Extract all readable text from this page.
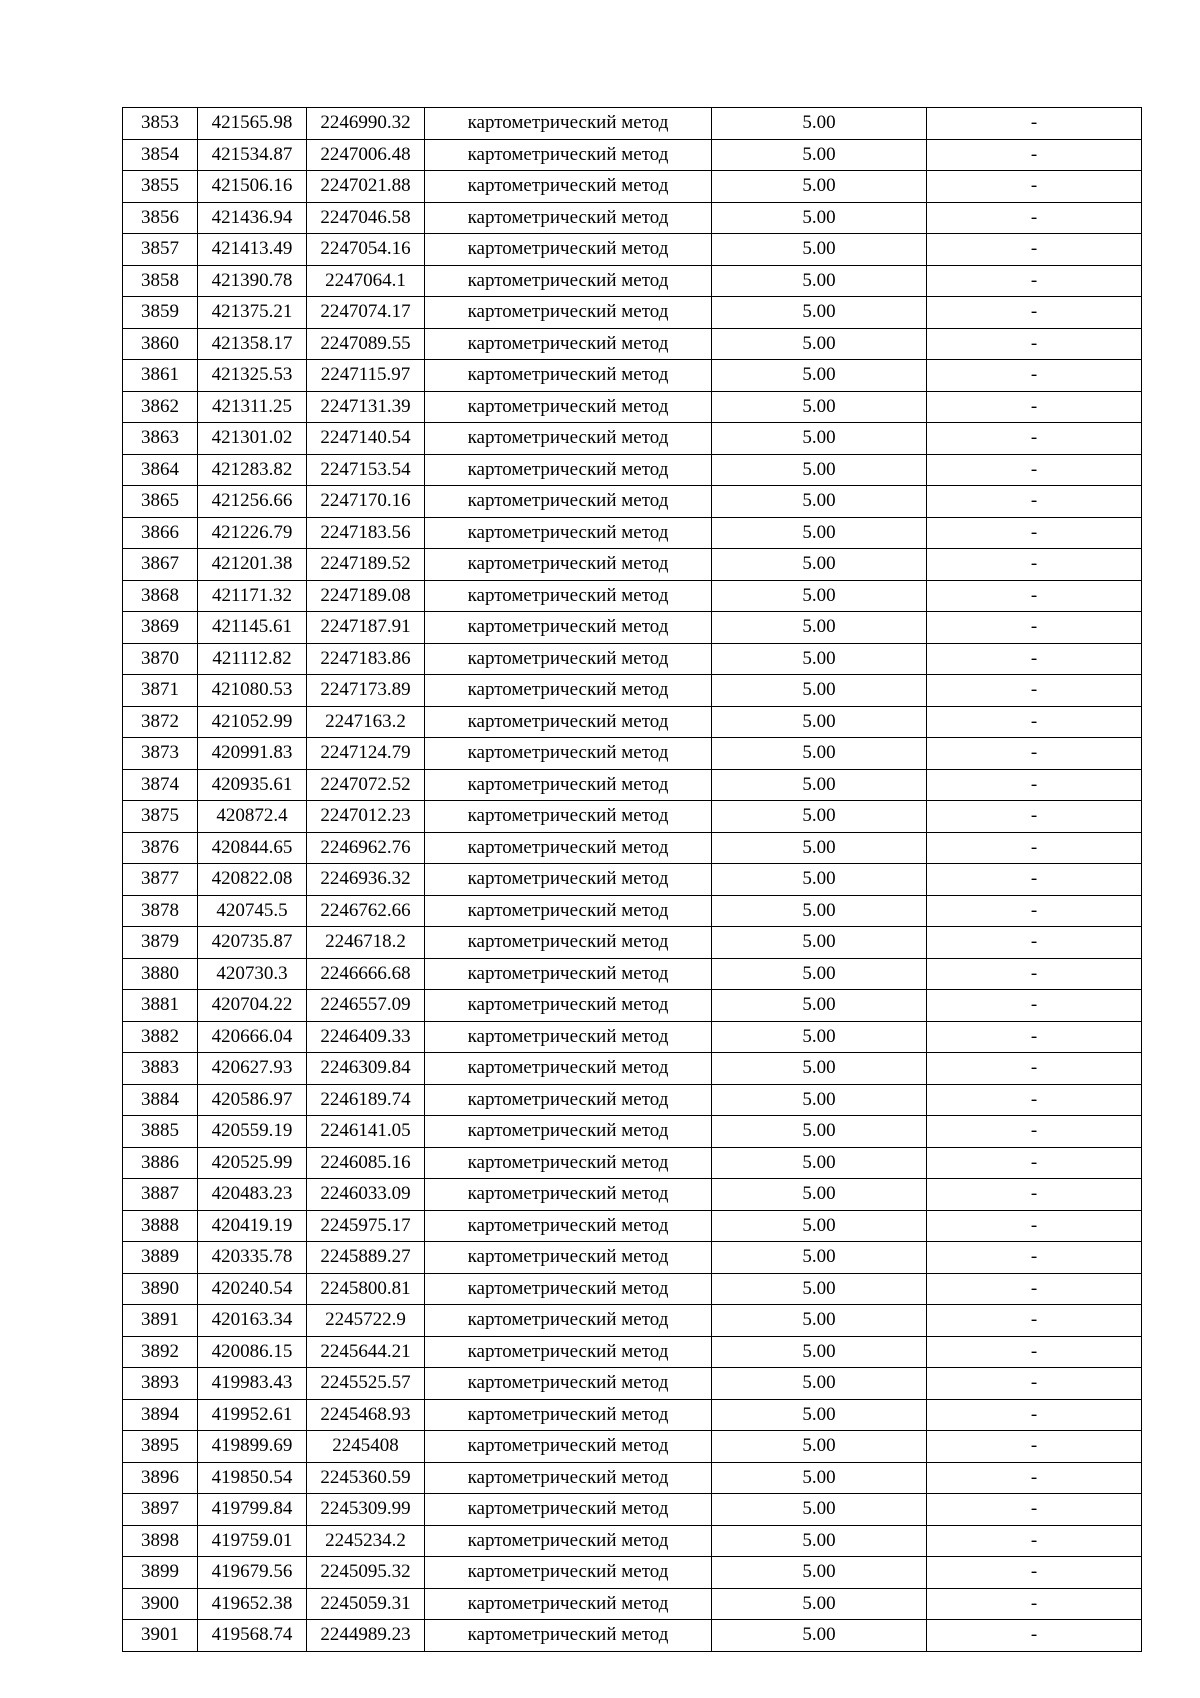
3853	421565.98	2246990.32	картометрический метод	5.00	-
3854	421534.87	2247006.48	картометрический метод	5.00	-
3855	421506.16	2247021.88	картометрический метод	5.00	-
3856	421436.94	2247046.58	картометрический метод	5.00	-
3857	421413.49	2247054.16	картометрический метод	5.00	-
3858	421390.78	2247064.1	картометрический метод	5.00	-
3859	421375.21	2247074.17	картометрический метод	5.00	-
3860	421358.17	2247089.55	картометрический метод	5.00	-
3861	421325.53	2247115.97	картометрический метод	5.00	-
3862	421311.25	2247131.39	картометрический метод	5.00	-
3863	421301.02	2247140.54	картометрический метод	5.00	-
3864	421283.82	2247153.54	картометрический метод	5.00	-
3865	421256.66	2247170.16	картометрический метод	5.00	-
3866	421226.79	2247183.56	картометрический метод	5.00	-
3867	421201.38	2247189.52	картометрический метод	5.00	-
3868	421171.32	2247189.08	картометрический метод	5.00	-
3869	421145.61	2247187.91	картометрический метод	5.00	-
3870	421112.82	2247183.86	картометрический метод	5.00	-
3871	421080.53	2247173.89	картометрический метод	5.00	-
3872	421052.99	2247163.2	картометрический метод	5.00	-
3873	420991.83	2247124.79	картометрический метод	5.00	-
3874	420935.61	2247072.52	картометрический метод	5.00	-
3875	420872.4	2247012.23	картометрический метод	5.00	-
3876	420844.65	2246962.76	картометрический метод	5.00	-
3877	420822.08	2246936.32	картометрический метод	5.00	-
3878	420745.5	2246762.66	картометрический метод	5.00	-
3879	420735.87	2246718.2	картометрический метод	5.00	-
3880	420730.3	2246666.68	картометрический метод	5.00	-
3881	420704.22	2246557.09	картометрический метод	5.00	-
3882	420666.04	2246409.33	картометрический метод	5.00	-
3883	420627.93	2246309.84	картометрический метод	5.00	-
3884	420586.97	2246189.74	картометрический метод	5.00	-
3885	420559.19	2246141.05	картометрический метод	5.00	-
3886	420525.99	2246085.16	картометрический метод	5.00	-
3887	420483.23	2246033.09	картометрический метод	5.00	-
3888	420419.19	2245975.17	картометрический метод	5.00	-
3889	420335.78	2245889.27	картометрический метод	5.00	-
3890	420240.54	2245800.81	картометрический метод	5.00	-
3891	420163.34	2245722.9	картометрический метод	5.00	-
3892	420086.15	2245644.21	картометрический метод	5.00	-
3893	419983.43	2245525.57	картометрический метод	5.00	-
3894	419952.61	2245468.93	картометрический метод	5.00	-
3895	419899.69	2245408	картометрический метод	5.00	-
3896	419850.54	2245360.59	картометрический метод	5.00	-
3897	419799.84	2245309.99	картометрический метод	5.00	-
3898	419759.01	2245234.2	картометрический метод	5.00	-
3899	419679.56	2245095.32	картометрический метод	5.00	-
3900	419652.38	2245059.31	картометрический метод	5.00	-
3901	419568.74	2244989.23	картометрический метод	5.00	-
